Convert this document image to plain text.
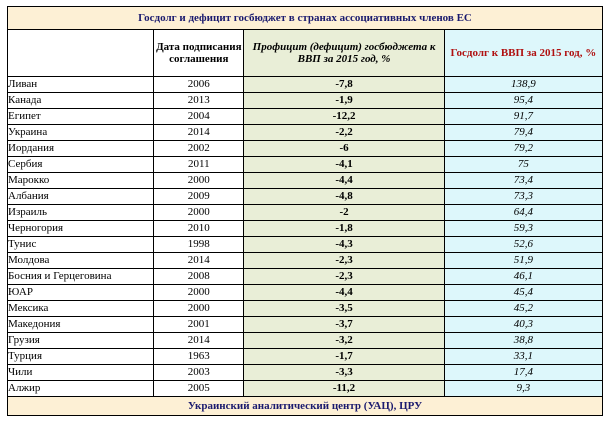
Госдолг и дефицит госбюджет в странах ассоциативных членов ЕС			
	Дата подписания соглашения	Профицит (дефицит) госбюджета к ВВП за 2015 год, %	Госдолг к ВВП за 2015 год, %
Ливан	2006	-7,8	138,9
Канада	2013	-1,9	95,4
Египет	2004	-12,2	91,7
Украина	2014	-2,2	79,4
Иордания	2002	-6	79,2
Сербия	2011	-4,1	75
Марокко	2000	-4,4	73,4
Албания	2009	-4,8	73,3
Израиль	2000	-2	64,4
Черногория	2010	-1,8	59,3
Тунис	1998	-4,3	52,6
Молдова	2014	-2,3	51,9
Босния и Герцеговина	2008	-2,3	46,1
ЮАР	2000	-4,4	45,4
Мексика	2000	-3,5	45,2
Македония	2001	-3,7	40,3
Грузия	2014	-3,2	38,8
Турция	1963	-1,7	33,1
Чили	2003	-3,3	17,4
Алжир	2005	-11,2	9,3
Украинский аналитический центр (УАЦ), ЦРУ			
